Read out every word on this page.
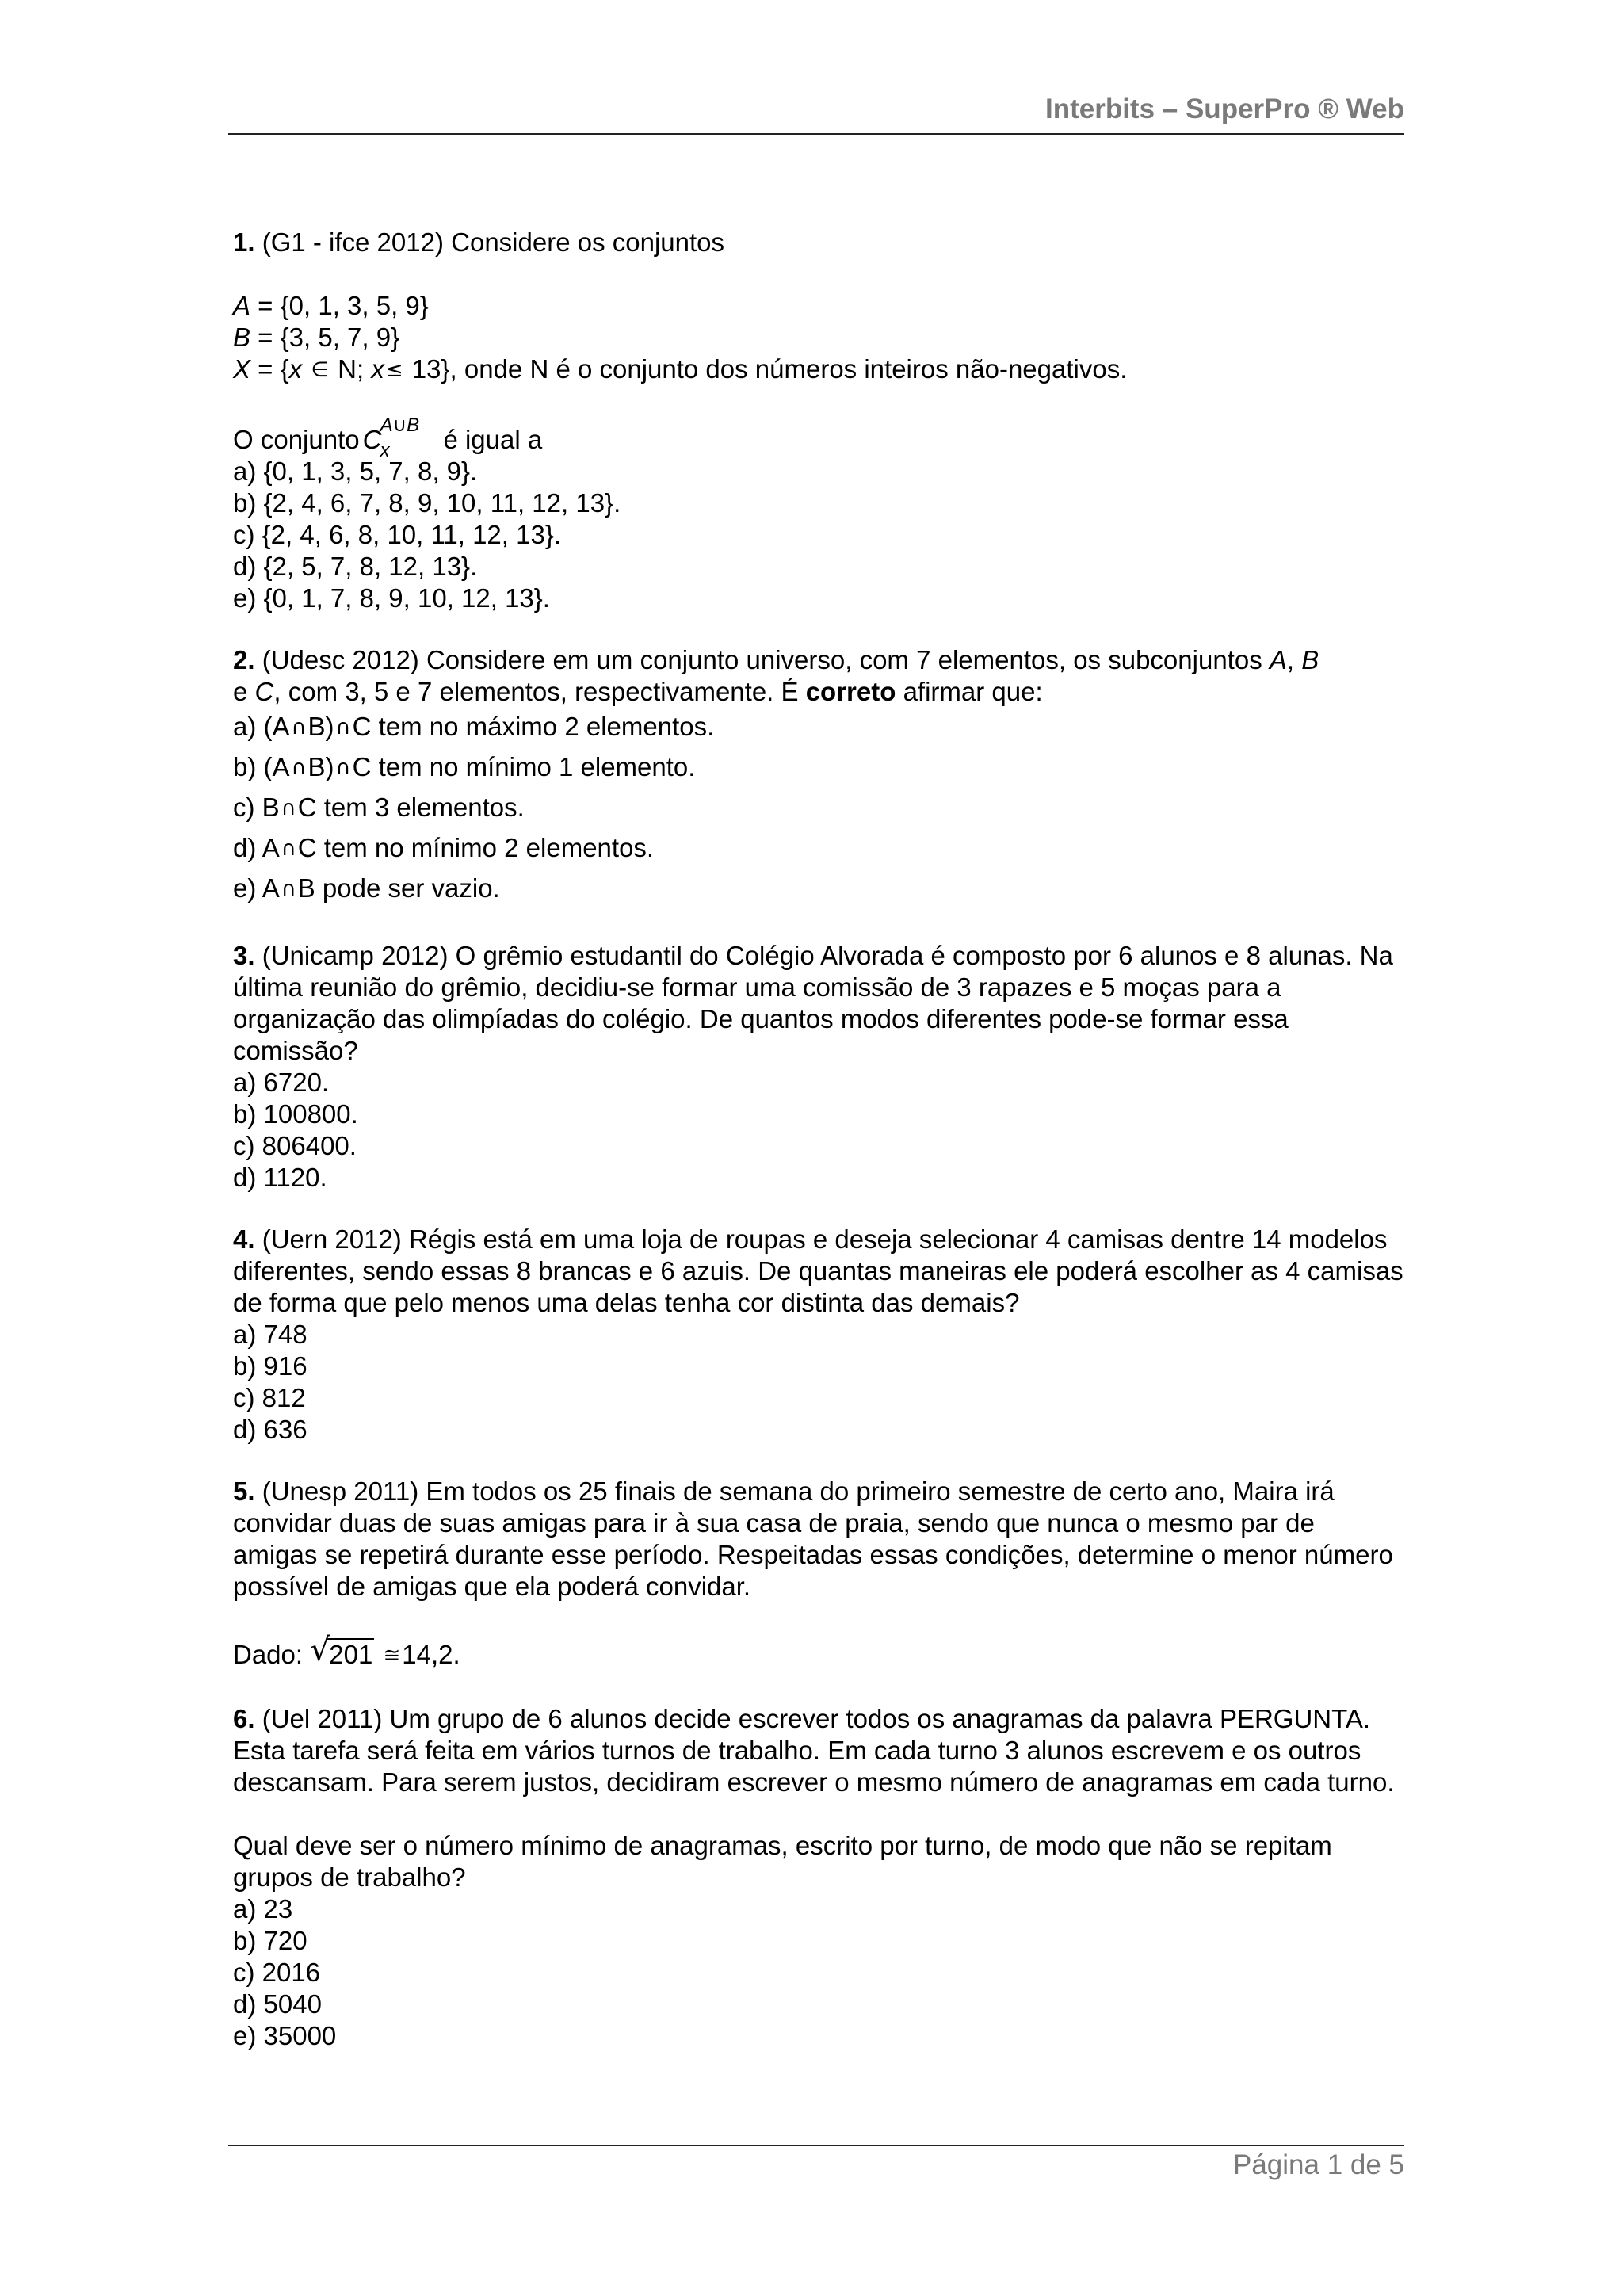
Interbits – SuperPro ® Web

1. (G1 - ifce 2012) Considere os conjuntos

A = {0, 1, 3, 5, 9}

B = {3, 5, 7, 9}

X = {x ∈ N; x≤ 13}, onde N é o conjunto dos números inteiros não-negativos.

O conjunto C
A∪B
x é igual a

a) {0, 1, 3, 5, 7, 8, 9}.
b) {2, 4, 6, 7, 8, 9, 10, 11, 12, 13}.
c) {2, 4, 6, 8, 10, 11, 12, 13}.
d) {2, 5, 7, 8, 12, 13}.
e) {0, 1, 7, 8, 9, 10, 12, 13}.

2. (Udesc 2012) Considere em um conjunto universo, com 7 elementos, os subconjuntos A, B
e C, com 3, 5 e 7 elementos, respectivamente. É correto afirmar que:

a) (A∩B)∩C tem no máximo 2 elementos.
b) (A∩B)∩C tem no mínimo 1 elemento.
c) B∩C tem 3 elementos.
d) A∩C tem no mínimo 2 elementos.
e) A∩B pode ser vazio.

3. (Unicamp 2012) O grêmio estudantil do Colégio Alvorada é composto por 6 alunos e 8 alunas. Na última reunião do grêmio, decidiu-se formar uma comissão de 3 rapazes e 5 moças para a organização das olimpíadas do colégio. De quantos modos diferentes pode-se formar essa comissão?

a) 6720.
b) 100800.
c) 806400.
d) 1120.

4. (Uern 2012) Régis está em uma loja de roupas e deseja selecionar 4 camisas dentre 14 modelos diferentes, sendo essas 8 brancas e 6 azuis. De quantas maneiras ele poderá escolher as 4 camisas de forma que pelo menos uma delas tenha cor distinta das demais?

a) 748
b) 916
c) 812
d) 636

5. (Unesp 2011) Em todos os 25 finais de semana do primeiro semestre de certo ano, Maira irá convidar duas de suas amigas para ir à sua casa de praia, sendo que nunca o mesmo par de amigas se repetirá durante esse período. Respeitadas essas condições, determine o menor número possível de amigas que ela poderá convidar.

Dado: √
201 ≅14,2.

6. (Uel 2011) Um grupo de 6 alunos decide escrever todos os anagramas da palavra PERGUNTA. Esta tarefa será feita em vários turnos de trabalho. Em cada turno 3 alunos escrevem e os outros descansam. Para serem justos, decidiram escrever o mesmo número de anagramas em cada turno.

Qual deve ser o número mínimo de anagramas, escrito por turno, de modo que não se repitam grupos de trabalho?

a) 23
b) 720
c) 2016
d) 5040
e) 35000
Página 1 de 5
